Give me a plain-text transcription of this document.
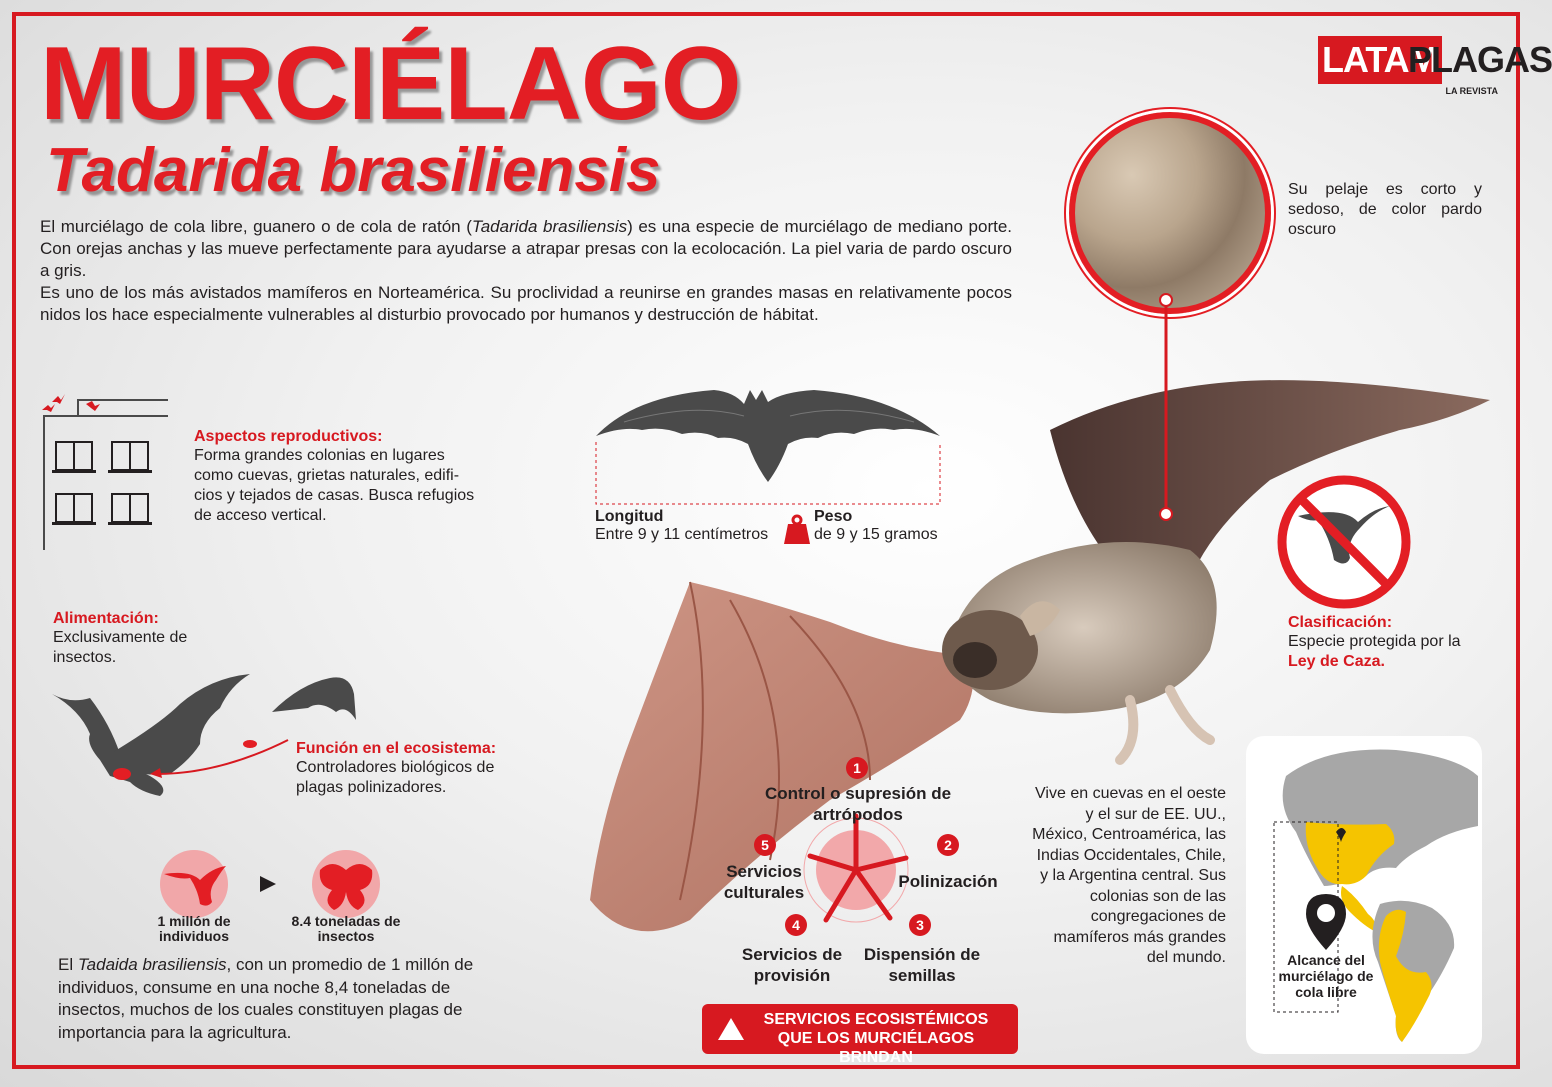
MURCIÉLAGO
Tadarida brasiliensis
LATAM
PLAGAS
LA REVISTA

El murciélago de cola libre, guanero o de cola de ratón (Tadarida brasiliensis) es una especie de murciélago de mediano porte. Con orejas anchas y las mueve perfectamente para ayudarse a atrapar presas con la ecolocación. La piel varia de pardo oscuro a gris.

Es uno de los más avistados mamíferos en Norteamérica. Su proclividad a reunirse en grandes masas en relativamente pocos nidos los hace especialmente vulnerables al disturbio provocado por humanos y destrucción de hábitat.

Aspectos reproductivos:
Forma grandes colonias en lugares como cuevas, grietas naturales, edifi-cios y tejados de casas. Busca refugios de acceso vertical.
Alimentación:
Exclusivamente de insectos.
Función en el ecosistema:
Controladores biológicos de plagas polinizadores.
1 millón de individuos
8.4 toneladas de insectos
El Tadaida brasiliensis, con un promedio de 1 millón de individuos, consume en una noche 8,4 toneladas de insectos, muchos de los cuales constituyen plagas de importancia para la agricultura.
Longitud
Entre 9 y 11 centímetros
Peso
de 9 y 15 gramos
Su pelaje es corto y sedoso, de color pardo oscuro
Clasificación:
Especie protegida por la Ley de Caza.
1
Control o supresión de artrópodos
2
Polinización
3
Dispensión de semillas
4
Servicios de provisión
5
Servicios culturales
SERVICIOS ECOSISTÉMICOS QUE LOS MURCIÉLAGOS BRINDAN
Vive en cuevas en el oeste y el sur de EE. UU., México, Centroamérica, las Indias Occidentales, Chile, y la Argentina central. Sus colonias son de las congregaciones de mamíferos más grandes del mundo.	Alcance del murciélago de cola libre
